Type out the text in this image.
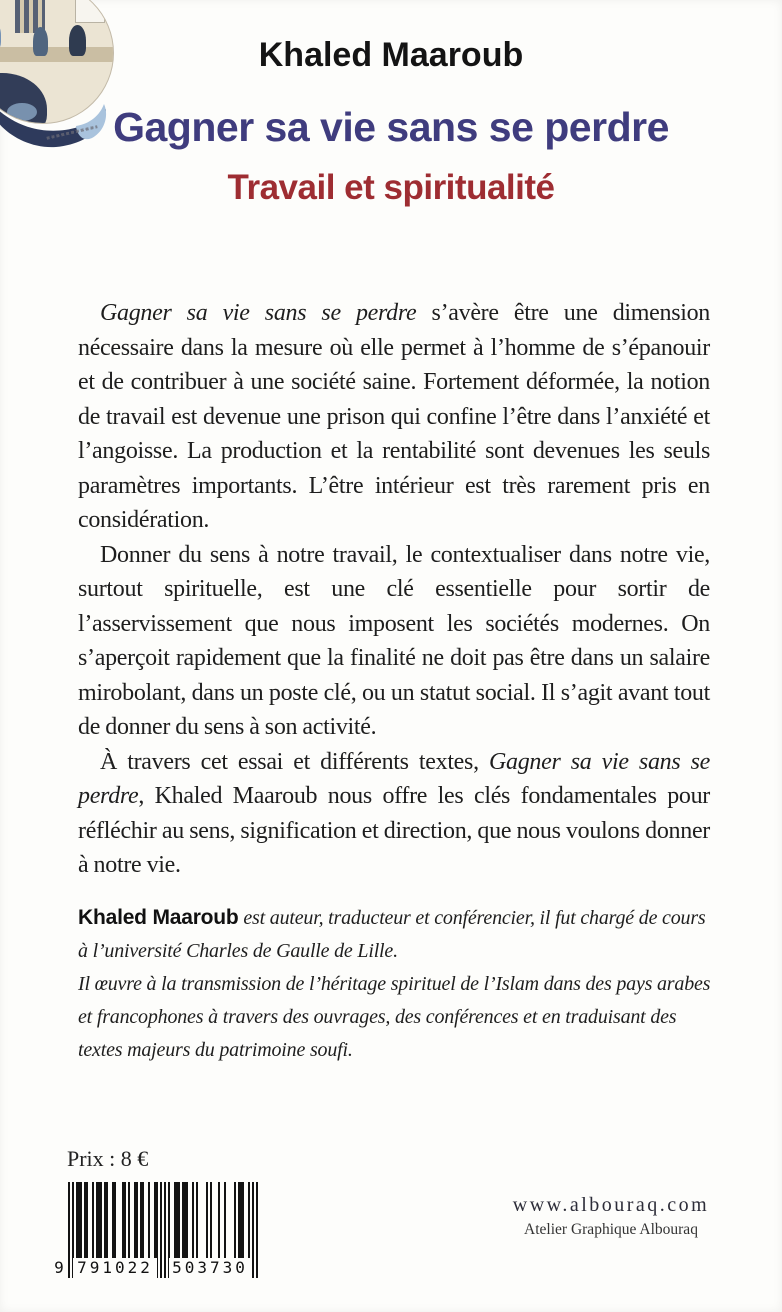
Khaled Maaroub
Gagner sa vie sans se perdre
Travail et spiritualité

Gagner sa vie sans se perdre s’avère être une dimension nécessaire dans la mesure où elle permet à l’homme de s’épanouir et de contribuer à une société saine. Fortement déformée, la notion de travail est devenue une prison qui confine l’être dans l’anxiété et l’angoisse. La production et la rentabilité sont devenues les seuls paramètres importants. L’être intérieur est très rarement pris en considération.

Donner du sens à notre travail, le contextualiser dans notre vie, surtout spirituelle, est une clé essentielle pour sortir de l’asservissement que nous imposent les sociétés modernes. On s’aperçoit rapidement que la finalité ne doit pas être dans un salaire mirobolant, dans un poste clé, ou un statut social. Il s’agit avant tout de donner du sens à son activité.

À travers cet essai et différents textes, Gagner sa vie sans se perdre, Khaled Maaroub nous offre les clés fondamentales pour réfléchir au sens, signification et direction, que nous voulons donner à notre vie.

Khaled Maaroub est auteur, traducteur et conférencier, il fut chargé de cours à l’université Charles de Gaulle de Lille.

Il œuvre à la transmission de l’héritage spirituel de l’Islam dans des pays arabes et francophones à travers des ouvrages, des conférences et en traduisant des textes majeurs du patrimoine soufi.

Prix : 8 €
9 791022 503730
www.albouraq.com
Atelier Graphique Albouraq
